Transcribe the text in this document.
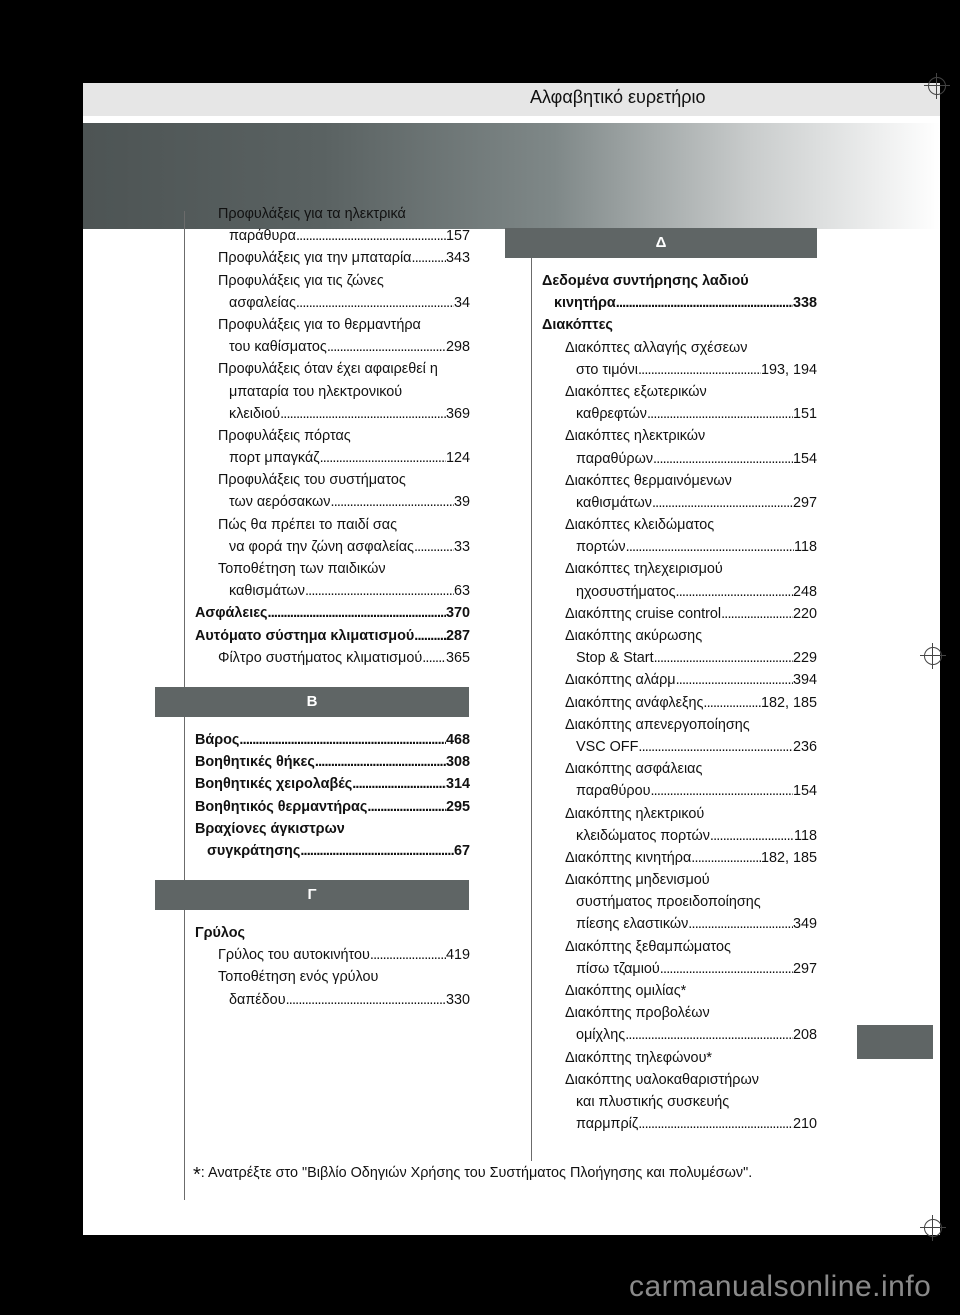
Αλφαβητικό ευρετήριο
Προφυλάξεις για τα ηλεκτρικά
παράθυρα . . .	157
Προφυλάξεις για την μπαταρία . . . 343
Προφυλάξεις για τις ζώνες
ασφαλείας . . .	34
Προφυλάξεις για το θερμαντήρα
του καθίσματος . . .	298
Προφυλάξεις όταν έχει αφαιρεθεί η
μπαταρία του ηλεκτρονικού
κλειδιού . . .	369
Προφυλάξεις πόρτας
πορτ μπαγκάζ . . .	124
Προφυλάξεις του συστήματος
των αερόσακων . . .	39
Πώς θα πρέπει το παιδί σας
να φορά την ζώνη ασφαλείας . . .	33
Τοποθέτηση των παιδικών
καθισμάτων . . .	63
Ασφάλειες . . .	370
Αυτόματο σύστημα κλιματισμού . . . 287
Φίλτρο συστήματος κλιματισμού . . . 365
Β
Βάρος . . .	468
Βοηθητικές θήκες . . .	308
Βοηθητικές χειρολαβές . . .	314
Βοηθητικός θερμαντήρας . . .	295
Βραχίονες άγκιστρων
συγκράτησης . . .	67
Γ
Γρύλος
Γρύλος του αυτοκινήτου . . .	419
Τοποθέτηση ενός γρύλου
δαπέδου . . .	330
Δ
Δεδομένα συντήρησης λαδιού
κινητήρα . . .	338
Διακόπτες
Διακόπτες αλλαγής σχέσεων
στο τιμόνι . . .	193, 194
Διακόπτες εξωτερικών
καθρεφτών . . .	151
Διακόπτες ηλεκτρικών
παραθύρων . . .	154
Διακόπτες θερμαινόμενων
καθισμάτων . . .	297
Διακόπτες κλειδώματος
πορτών . . .	118
Διακόπτες τηλεχειρισμού
ηχοσυστήματος . . .	248
Διακόπτης cruise control . . .	220
Διακόπτης ακύρωσης
Stop & Start . . .	229
Διακόπτης αλάρμ . . .	394
Διακόπτης ανάφλεξης . . .	182, 185
Διακόπτης απενεργοποίησης
VSC OFF . . .	236
Διακόπτης ασφάλειας
παραθύρου . . .	154
Διακόπτης ηλεκτρικού
κλειδώματος πορτών . . .	118
Διακόπτης κινητήρα . . .	182, 185
Διακόπτης μηδενισμού
συστήματος προειδοποίησης
πίεσης ελαστικών . . .	349
Διακόπτης ξεθαμπώματος
πίσω τζαμιού . . .	297
Διακόπτης ομιλίας*
Διακόπτης προβολέων
ομίχλης . . .	208
Διακόπτης τηλεφώνου*
Διακόπτης υαλοκαθαριστήρων
και πλυστικής συσκευής
παρμπρίζ . . .	210
*: Ανατρέξτε στο "Βιβλίο Οδηγιών Χρήσης του Συστήματος Πλοήγησης και πολυμέσων".
carmanualsonline.info
